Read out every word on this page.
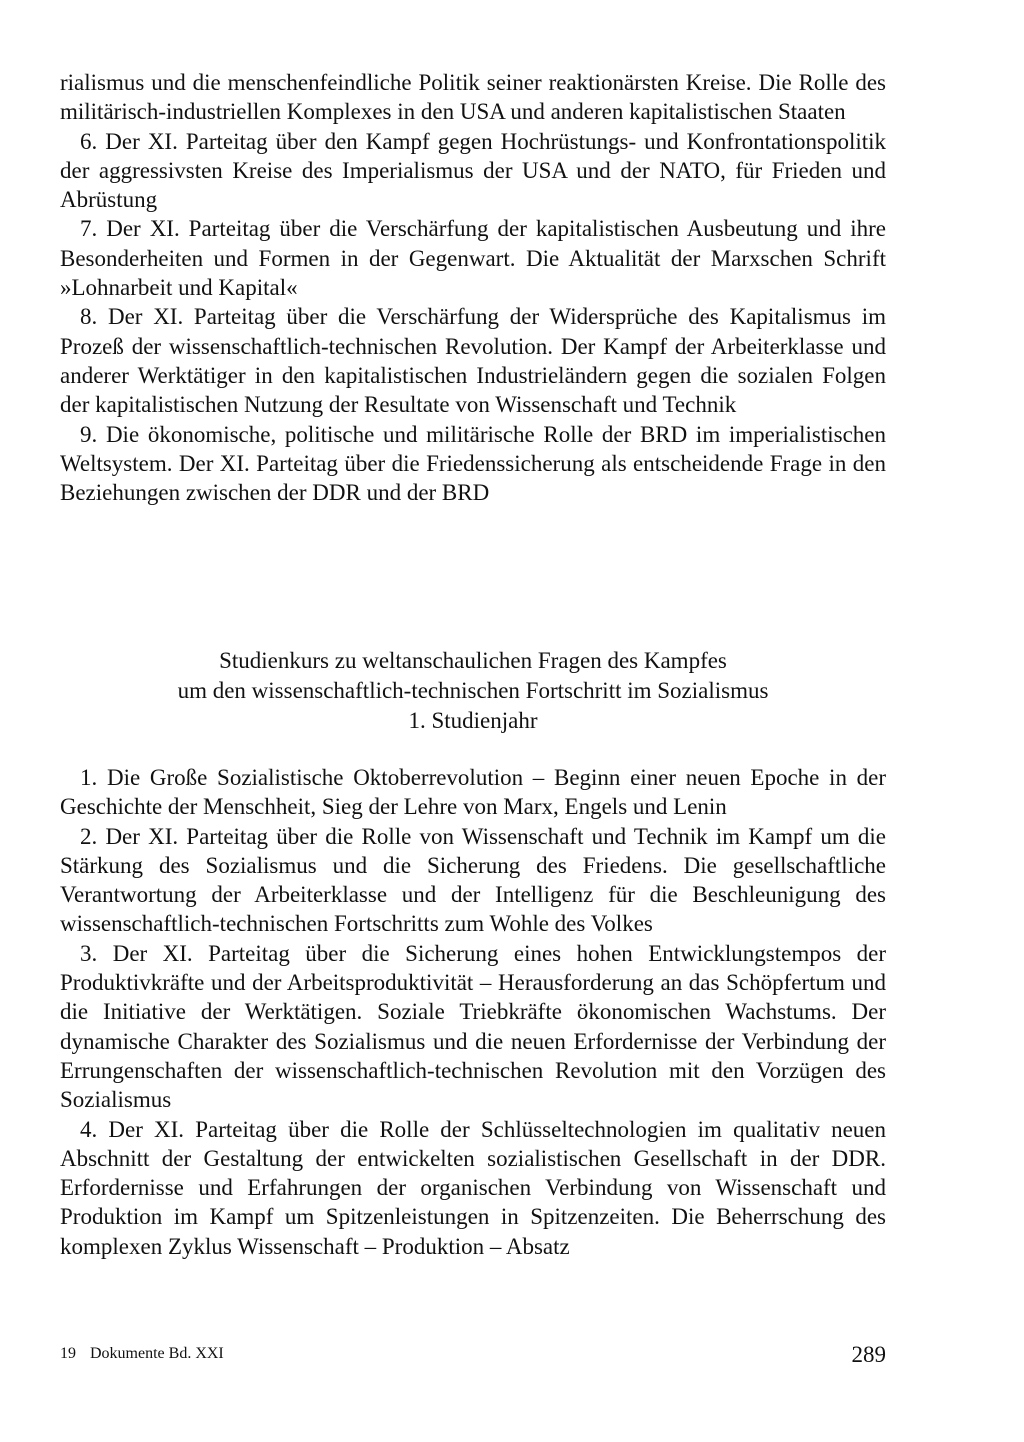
rialismus und die menschenfeindliche Politik seiner reaktionärsten Kreise. Die Rolle des militärisch-industriellen Komplexes in den USA und anderen kapitalistischen Staaten

6. Der XI. Parteitag über den Kampf gegen Hochrüstungs- und Konfrontationspolitik der aggressivsten Kreise des Imperialismus der USA und der NATO, für Frieden und Abrüstung

7. Der XI. Parteitag über die Verschärfung der kapitalistischen Ausbeutung und ihre Besonderheiten und Formen in der Gegenwart. Die Aktualität der Marxschen Schrift »Lohnarbeit und Kapital«

8. Der XI. Parteitag über die Verschärfung der Widersprüche des Kapitalismus im Prozeß der wissenschaftlich-technischen Revolution. Der Kampf der Arbeiterklasse und anderer Werktätiger in den kapitalistischen Industrieländern gegen die sozialen Folgen der kapitalistischen Nutzung der Resultate von Wissenschaft und Technik

9. Die ökonomische, politische und militärische Rolle der BRD im imperialistischen Weltsystem. Der XI. Parteitag über die Friedenssicherung als entscheidende Frage in den Beziehungen zwischen der DDR und der BRD

Studienkurs zu weltanschaulichen Fragen des Kampfes
um den wissenschaftlich-technischen Fortschritt im Sozialismus
1. Studienjahr

1. Die Große Sozialistische Oktoberrevolution – Beginn einer neuen Epoche in der Geschichte der Menschheit, Sieg der Lehre von Marx, Engels und Lenin

2. Der XI. Parteitag über die Rolle von Wissenschaft und Technik im Kampf um die Stärkung des Sozialismus und die Sicherung des Friedens. Die gesellschaftliche Verantwortung der Arbeiterklasse und der Intelligenz für die Beschleunigung des wissenschaftlich-technischen Fortschritts zum Wohle des Volkes

3. Der XI. Parteitag über die Sicherung eines hohen Entwicklungstempos der Produktivkräfte und der Arbeitsproduktivität – Herausforderung an das Schöpfertum und die Initiative der Werktätigen. Soziale Triebkräfte ökonomischen Wachstums. Der dynamische Charakter des Sozialismus und die neuen Erfordernisse der Verbindung der Errungenschaften der wissenschaftlich-technischen Revolution mit den Vorzügen des Sozialismus

4. Der XI. Parteitag über die Rolle der Schlüsseltechnologien im qualitativ neuen Abschnitt der Gestaltung der entwickelten sozialistischen Gesellschaft in der DDR. Erfordernisse und Erfahrungen der organischen Verbindung von Wissenschaft und Produktion im Kampf um Spitzenleistungen in Spitzenzeiten. Die Beherrschung des komplexen Zyklus Wissenschaft – Produktion – Absatz

19 Dokumente Bd. XXI	289
